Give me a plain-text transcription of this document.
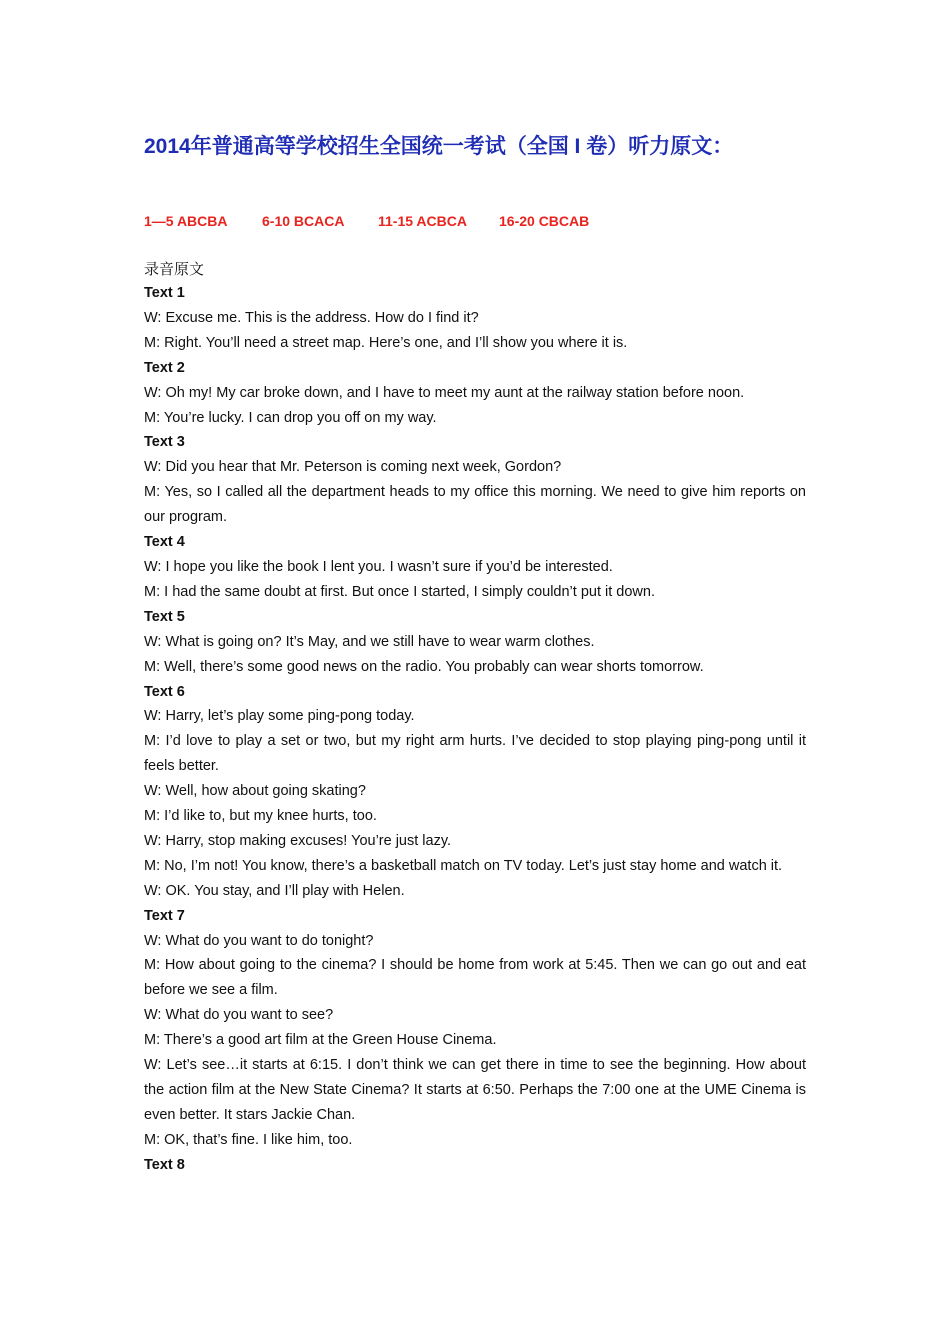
2014年普通高等学校招生全国统一考试（全国 I 卷）听力原文：
1—5 ABCBA 6-10 BCACA 11-15 ACBCA 16-20 CBCAB
录音原文

Text 1

W: Excuse me. This is the address. How do I find it?

M: Right. You’ll need a street map. Here’s one, and I’ll show you where it is.

Text 2

W: Oh my! My car broke down, and I have to meet my aunt at the railway station before noon.

M: You’re lucky. I can drop you off on my way.

Text 3

W: Did you hear that Mr. Peterson is coming next week, Gordon?

M: Yes, so I called all the department heads to my office this morning. We need to give him reports on our program.

Text 4

W: I hope you like the book I lent you. I wasn’t sure if you’d be interested.

M: I had the same doubt at first. But once I started, I simply couldn’t put it down.

Text 5

W: What is going on? It’s May, and we still have to wear warm clothes.

M: Well, there’s some good news on the radio. You probably can wear shorts tomorrow.

Text 6

W: Harry, let’s play some ping-pong today.

M: I’d love to play a set or two, but my right arm hurts. I’ve decided to stop playing ping-pong until it feels better.

W: Well, how about going skating?

M: I’d like to, but my knee hurts, too.

W: Harry, stop making excuses! You’re just lazy.

M: No, I’m not! You know, there’s a basketball match on TV today. Let’s just stay home and watch it.

W: OK. You stay, and I’ll play with Helen.

Text 7

W: What do you want to do tonight?

M: How about going to the cinema? I should be home from work at 5:45. Then we can go out and eat before we see a film.

W: What do you want to see?

M: There’s a good art film at the Green House Cinema.

W: Let’s see…it starts at 6:15. I don’t think we can get there in time to see the beginning. How about the action film at the New State Cinema? It starts at 6:50. Perhaps the 7:00 one at the UME Cinema is even better. It stars Jackie Chan.

M: OK, that’s fine. I like him, too.

Text 8
